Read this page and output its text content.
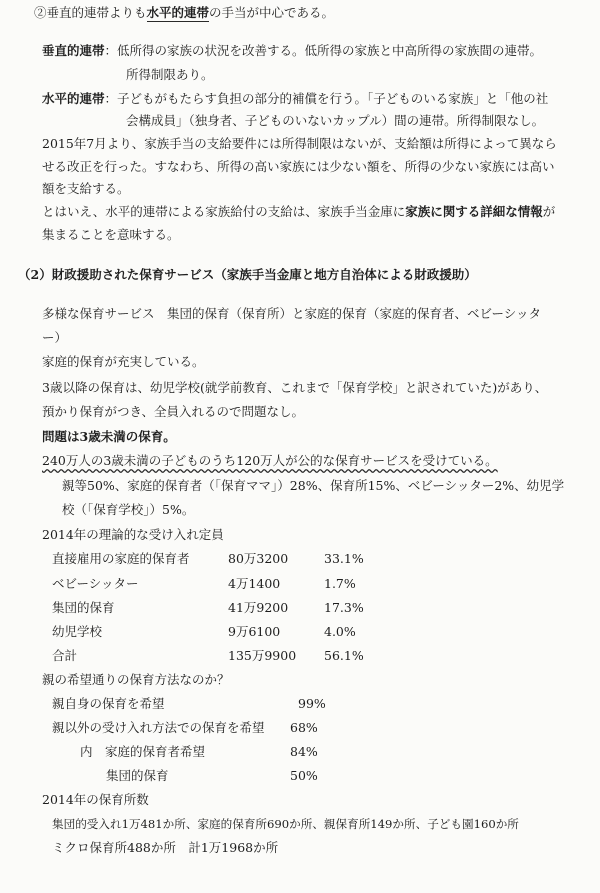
②垂直的連帯よりも水平的連帯の手当が中心である。
垂直的連帯：低所得の家族の状況を改善する。低所得の家族と中高所得の家族間の連帯。
所得制限あり。
水平的連帯：子どもがもたらす負担の部分的補償を行う。「子どものいる家族」と「他の社
会構成員」（独身者、子どものいないカップル）間の連帯。所得制限なし。
2015年7月より、家族手当の支給要件には所得制限はないが、支給額は所得によって異なら
せる改正を行った。すなわち、所得の高い家族には少ない額を、所得の少ない家族には高い
額を支給する。
とはいえ、水平的連帯による家族給付の支給は、家族手当金庫に家族に関する詳細な情報が
集まることを意味する。
（2）財政援助された保育サービス（家族手当金庫と地方自治体による財政援助）
多様な保育サービス　集団的保育（保育所）と家庭的保育（家庭的保育者、ベビーシッタ
ー）
家庭的保育が充実している。
3歳以降の保育は、幼児学校(就学前教育、これまで「保育学校」と訳されていた)があり、
預かり保育がつき、全員入れるので問題なし。
問題は3歳未満の保育。
240万人の3歳未満の子どものうち120万人が公的な保育サービスを受けている。
親等50%、家庭的保育者（「保育ママ」）28%、保育所15%、ベビーシッター2%、幼児学
校（「保育学校」）5%。
2014年の理論的な受け入れ定員
直接雇用の家庭的保育者	80万3200	33.1%
ベビーシッター	4万1400	1.7%
集団的保育	41万9200	17.3%
幼児学校	9万6100	4.0%
合計	135万9900 56.1%
親の希望通りの保育方法なのか？
親自身の保育を希望	99%
親以外の受け入れ方法での保育を希望 68%
内　家庭的保育者希望	84%
集団的保育	50%
2014年の保育所数
集団的受入れ1万481か所、家庭的保育所690か所、親保育所149か所、子ども園160か所
ミクロ保育所488か所　計1万1968か所
